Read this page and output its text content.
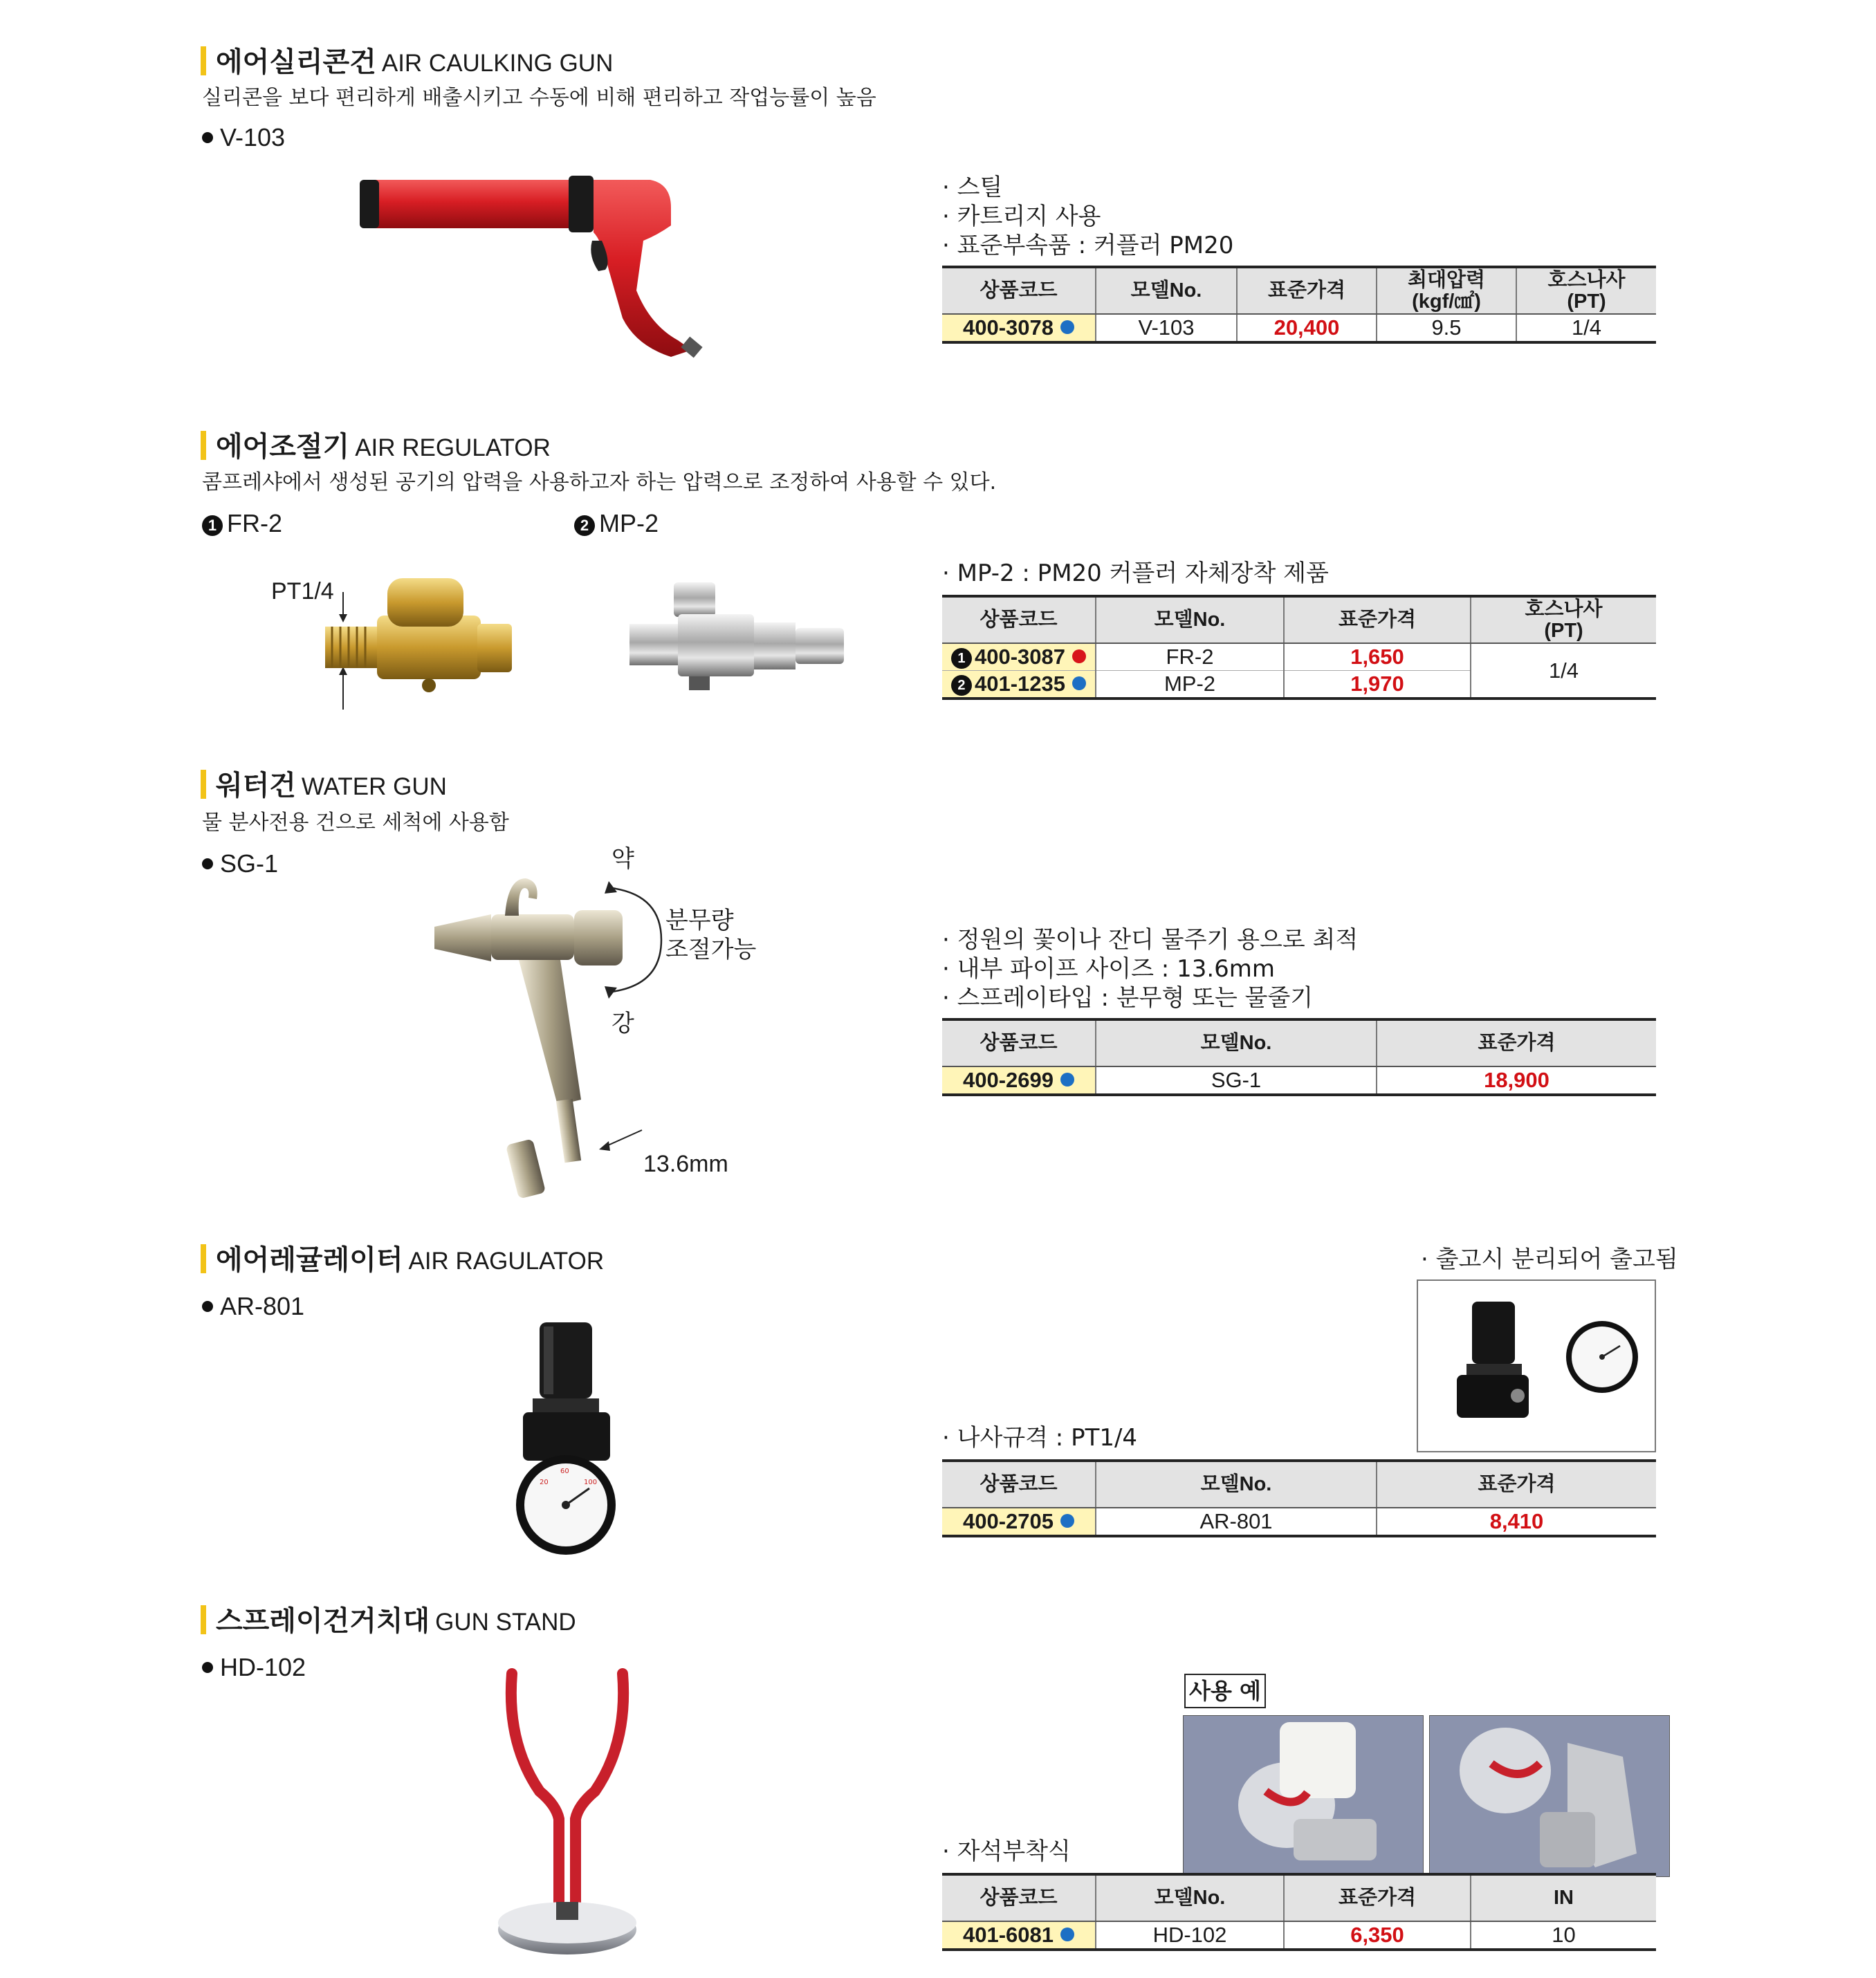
에어실리콘건 AIR CAULKING GUN
실리콘을 보다 편리하게 배출시키고 수동에 비해 편리하고 작업능률이 높음
V-103
· 스틸
· 카트리지 사용
· 표준부속품 : 커플러 PM20
상품코드	모델No.	표준가격	최대압력
(kgf/㎠)	호스나사
(PT)
400-3078	V-103	20,400	9.5	1/4
에어조절기 AIR REGULATOR
콤프레샤에서 생성된 공기의 압력을 사용하고자 하는 압력으로 조정하여 사용할 수 있다.
1 FR-2	2 MP-2
PT1/4
· MP-2 : PM20 커플러 자체장착 제품
상품코드	모델No.	표준가격	호스나사
(PT)
1 400-3087	FR-2	1,650	1/4
2 401-1235	MP-2	1,970	
워터건 WATER GUN
물 분사전용 건으로 세척에 사용함
SG-1	약
강
분무량
조절가능
13.6mm
· 정원의 꽃이나 잔디 물주기 용으로 최적
· 내부 파이프 사이즈 : 13.6mm
· 스프레이타입 : 분무형 또는 물줄기
상품코드	모델No.	표준가격
400-2699	SG-1	18,900
에어레귤레이터 AIR RAGULATOR
AR-801
20
60
100
· 출고시 분리되어 출고됨
· 나사규격 : PT1/4
상품코드	모델No.	표준가격
400-2705	AR-801	8,410
스프레이건거치대 GUN STAND
HD-102
사용 예
· 자석부착식
상품코드	모델No.	표준가격	IN
401-6081	HD-102	6,350	10
